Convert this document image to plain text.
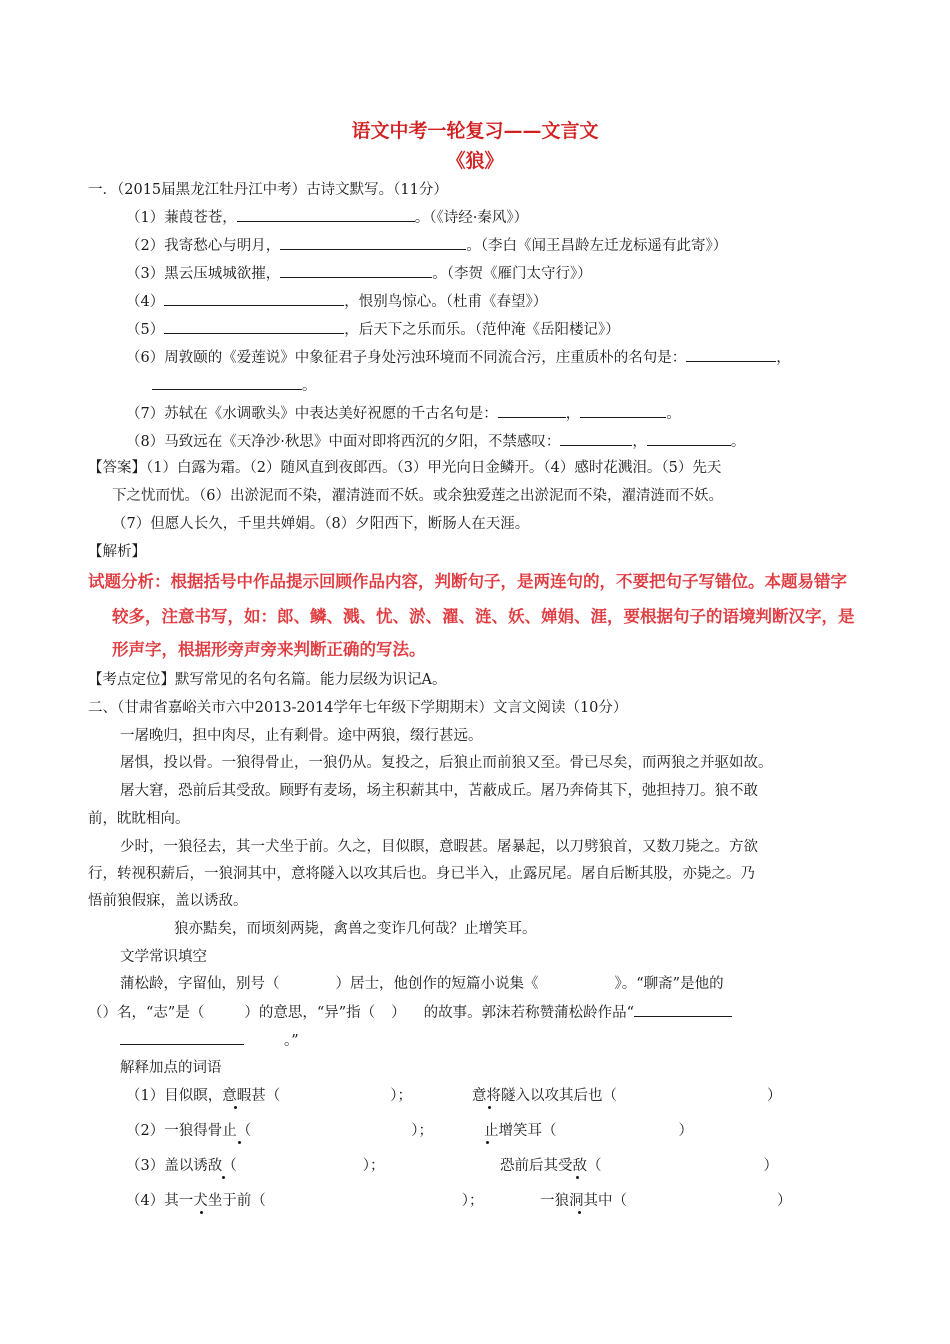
语文中考一轮复习——文言文
《狼》
一．（2015届黑龙江牡丹江中考）古诗文默写。（11分）
（1）蒹葭苍苍，	。（《诗经·秦风》）
（2）我寄愁心与明月，	。（李白《闻王昌龄左迁龙标遥有此寄》）
（3）黑云压城城欲摧，	。（李贺《雁门太守行》）
（4）	，恨别鸟惊心。（杜甫《春望》）
（5）	，后天下之乐而乐。（范仲淹《岳阳楼记》）
（6）周敦颐的《爱莲说》中象征君子身处污浊环境而不同流合污，庄重质朴的名句是：	，
。
（7）苏轼在《水调歌头》中表达美好祝愿的千古名句是：	，	。
（8）马致远在《天净沙·秋思》中面对即将西沉的夕阳，不禁感叹：	，	。
【答案】（1）白露为霜。（2）随风直到夜郎西。（3）甲光向日金鳞开。（4）感时花溅泪。（5）先天
下之忧而忧。（6）出淤泥而不染，濯清涟而不妖。或余独爱莲之出淤泥而不染，濯清涟而不妖。
（7）但愿人长久，千里共婵娟。（8）夕阳西下，断肠人在天涯。
【解析】
试题分析：根据括号中作品提示回顾作品内容，判断句子，是两连句的，不要把句子写错位。本题易错字
较多，注意书写，如：郎、鳞、溅、忧、淤、濯、涟、妖、婵娟、涯，要根据句子的语境判断汉字，是
形声字，根据形旁声旁来判断正确的写法。
【考点定位】默写常见的名句名篇。能力层级为识记A。
二、（甘肃省嘉峪关市六中2013-2014学年七年级下学期期末）文言文阅读（10分）
一屠晚归，担中肉尽，止有剩骨。途中两狼，缀行甚远。
屠惧，投以骨。一狼得骨止，一狼仍从。复投之，后狼止而前狼又至。骨已尽矣，而两狼之并驱如故。
屠大窘，恐前后其受敌。顾野有麦场，场主积薪其中，苫蔽成丘。屠乃奔倚其下，弛担持刀。狼不敢
前，眈眈相向。
少时，一狼径去，其一犬坐于前。久之，目似瞑，意暇甚。屠暴起，以刀劈狼首，又数刀毙之。方欲
行，转视积薪后，一狼洞其中，意将隧入以攻其后也。身已半入，止露尻尾。屠自后断其股，亦毙之。乃
悟前狼假寐，盖以诱敌。
狼亦黠矣，而顷刻两毙，禽兽之变诈几何哉？止增笑耳。
文学常识填空
蒲松龄，字留仙，别号（	）居士，他创作的短篇小说集《	》。“聊斋”是他的
（）名，“志”是（	）的意思，“异”指（ ） 的故事。郭沫若称赞蒲松龄作品“
。”
解释加点的词语
（1）目似瞑，意暇甚（	）；	意将隧入以攻其后也（	）
（2）一狼得骨止（	）；	止增笑耳（	）
（3）盖以诱敌（	）；	恐前后其受敌（	）
（4）其一犬坐于前（	）；	一狼洞其中（	）
